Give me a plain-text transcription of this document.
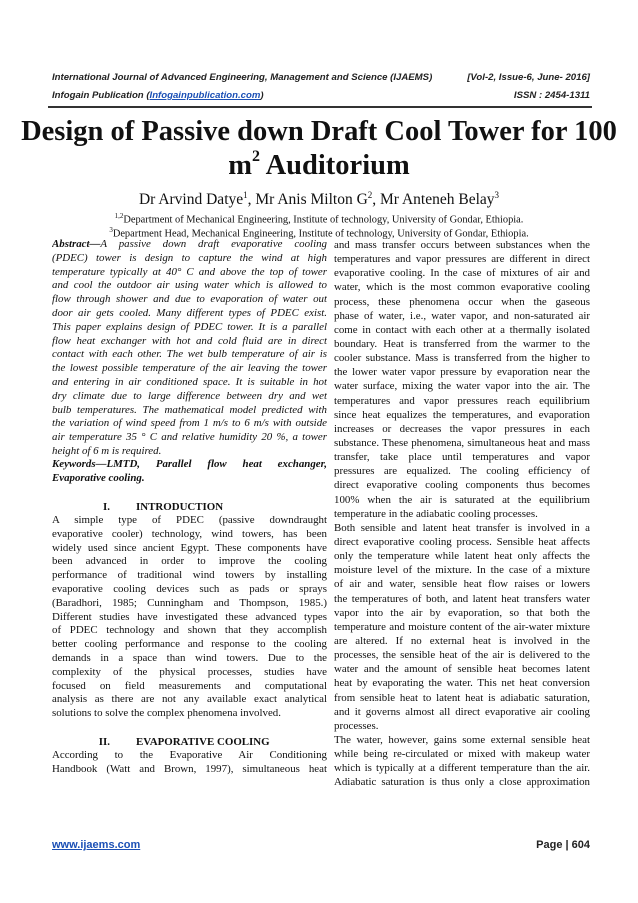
International Journal of Advanced Engineering, Management and Science (IJAEMS)	[Vol-2, Issue-6, June- 2016]
Infogain Publication (Infogainpublication.com)	ISSN : 2454-1311
Design of Passive down Draft Cool Tower for 100
$m^2$ Auditorium
Dr Arvind Datye$^1$, Mr Anis Milton $G^2$, Mr Anteneh Belay$^3$
$^{1,2}$Department of Mechanical Engineering, Institute of technology, University of Gondar, Ethiopia.
$^3$Department Head, Mechanical Engineering, Institute of technology, University of Gondar, Ethiopia.
Abstract—A passive down draft evaporative cooling
(PDEC) tower is design to capture the wind at high
temperature typically at 40° C and above the top of tower
and cool the outdoor air using water which is allowed to
flow through shower and due to evaporation of water out
door air gets cooled. Many different types of PDEC exist.
This paper explains design of PDEC tower. It is a parallel
flow heat exchanger with hot and cold fluid are in direct
contact with each other. The wet bulb temperature of air is
the lowest possible temperature of the air leaving the tower
and entering in air conditioned space. It is suitable in hot
dry climate due to large difference between dry and wet
bulb temperatures. The mathematical model predicted with
the variation of wind speed from 1 m/s to 6 m/s with outside
air temperature 35 ° C and relative humidity 20 %, a tower
height of 6 m is required.
Keywords—LMTD, Parallel flow heat exchanger,
Evaporative cooling.
I. INTRODUCTION
A simple type of PDEC (passive downdraught
evaporative cooler) technology, wind towers, has been
widely used since ancient Egypt. These components have
been advanced in order to improve the cooling
performance of traditional wind towers by installing
evaporative cooling devices such as pads or sprays
(Baradhori, 1985; Cunningham and Thompson, 1985.)
Different studies have investigated these advanced types
of PDEC technology and shown that they accomplish
better cooling performance and response to the cooling
demands in a space than wind towers. Due to the
complexity of the physical processes, studies have
focused on field measurements and computational
analysis as there are not any available exact analytical
solutions to solve the complex phenomena involved.
II. EVAPORATIVE COOLING
According to the Evaporative Air Conditioning
Handbook (Watt and Brown, 1997), simultaneous heat
and mass transfer occurs between substances when the
temperatures and vapor pressures are different in direct
evaporative cooling. In the case of mixtures of air and
water, which is the most common evaporative cooling
process, these phenomena occur when the gaseous
phase of water, i.e., water vapor, and non-saturated air
come in contact with each other at a thermally isolated
boundary. Heat is transferred from the warmer to the
cooler substance. Mass is transferred from the higher to
the lower water vapor pressure by evaporation near the
water surface, mixing the water vapor into the air. The
temperatures and vapor pressures reach equilibrium
since heat equalizes the temperatures, and evaporation
increases or decreases the vapor pressures in each
substance. These phenomena, simultaneous heat and mass
transfer, take place until temperatures and vapor
pressures are equalized. The cooling efficiency of
direct evaporative cooling components thus becomes
100% when the air is saturated at the equilibrium
temperature in the adiabatic cooling processes.
Both sensible and latent heat transfer is involved in a
direct evaporative cooling process. Sensible heat affects
only the temperature while latent heat only affects the
moisture level of the mixture. In the case of a mixture
of air and water, sensible heat flow raises or lowers
the temperatures of both, and latent heat transfers water
vapor into the air by evaporation, so that both the
temperature and moisture content of the air-water mixture
are altered. If no external heat is involved in the
processes, the sensible heat of the air is delivered to the
water and the amount of sensible heat becomes latent
heat by evaporating the water. This net heat conversion
from sensible heat to latent heat is adiabatic saturation,
and it governs almost all direct evaporative air cooling
processes.
The water, however, gains some external sensible heat
while being re-circulated or mixed with makeup water
which is typically at a different temperature than the air.
Adiabatic saturation is thus only a close approximation
www.ijaems.com	Page | 604
